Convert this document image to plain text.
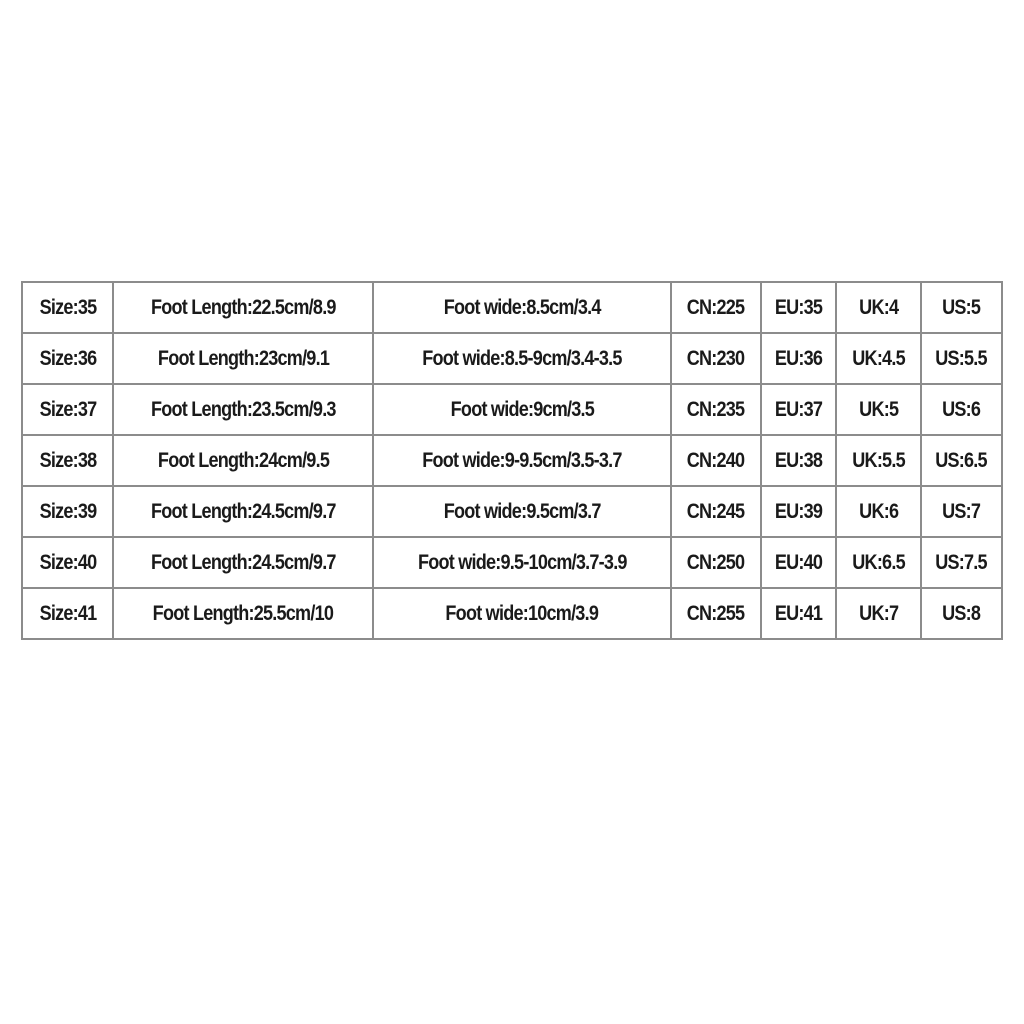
Size:35	Foot Length:22.5cm/8.9	Foot wide:8.5cm/3.4	CN:225	EU:35	UK:4	US:5
Size:36	Foot Length:23cm/9.1	Foot wide:8.5-9cm/3.4-3.5	CN:230	EU:36	UK:4.5	US:5.5
Size:37	Foot Length:23.5cm/9.3	Foot wide:9cm/3.5	CN:235	EU:37	UK:5	US:6
Size:38	Foot Length:24cm/9.5	Foot wide:9-9.5cm/3.5-3.7	CN:240	EU:38	UK:5.5	US:6.5
Size:39	Foot Length:24.5cm/9.7	Foot wide:9.5cm/3.7	CN:245	EU:39	UK:6	US:7
Size:40	Foot Length:24.5cm/9.7	Foot wide:9.5-10cm/3.7-3.9	CN:250	EU:40	UK:6.5	US:7.5
Size:41	Foot Length:25.5cm/10	Foot wide:10cm/3.9	CN:255	EU:41	UK:7	US:8
